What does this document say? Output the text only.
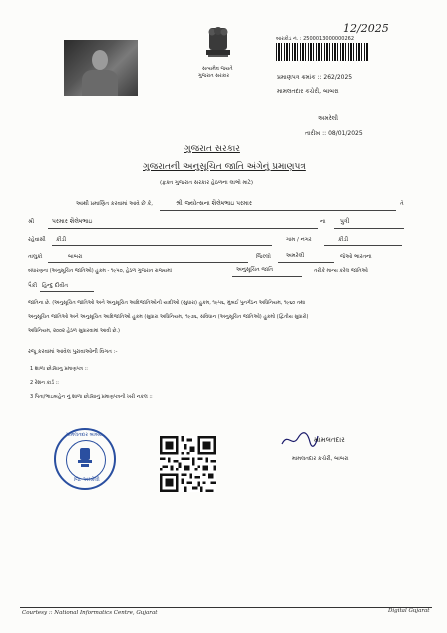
12/2025
સત્યમેવ જયતે
ગુજરાત સરકાર
બારકોડ નં. : 2500013000000262
પ્રમાણપત્ર ક્રમાંક :: 262/2025
મામલતદાર કચેરી, બાબરા
અમરેલી
તારીખ :: 08/01/2025
ગુજરાત સરકાર
ગુજરાતની અનુસૂચિત જાતિ અંગેનું પ્રમાણપત્ર
(ફક્ત ગુજરાત સરકાર હેઠળના લાભો માટે)
આથી પ્રમાણિત કરવામાં આવે છે કે,	શ્રી જ્યોત્સના શૈલેષભાઇ પરમાર	તે
શ્રી	પરમાર શૈલેષભાઇ	ના પુત્રી
રહેવાસી કીડી	ગામ / નગર	કીડી
તાલુકો	બાબરા	જિલ્લો	અમરેલી	જેઓ ભારતના
બંધારણના (અનુસૂચિત જાતિઓ) હુકમ - ૧૯૫૦, હેઠળ ગુજરાત રાજ્યમાં	અનુસૂચિત જાતિ	તરીકે માન્ય કરેલ જાતિઓ
પૈકી હિન્દુ દીવીત
જાતિના છે. (અનુસૂચિત જાતિઓ અને અનુસૂચિત આદિજાતિઓની યાદીઓ (સુધારા) હુકમ, ૧૯૫૬, મુંબઈ પુનર્ગઠન અધિનિયમ, ૧૯૬૦ તથા
અનુસૂચિત જાતિઓ અને અનુસૂચિત આદિજાતિઓ હુકમ (સુધારા અધિનિયમ, ૧૯૭૬, સંવિધાન (અનુસૂચિત જાતિઓ) હુકમો (દ્વિતીય સુધારો)
અધિનિયમ, ૨૦૦૨ હેઠળ સુધારવામાં આવી છે.)
રજૂ કરવામાં આવેલ પુરાવાઓની વિગત :-
1 શાળા છોડ્યાનુ પ્રમાણપત્ર ::
2 રેશન કાર્ડ ::
3 પિતા/ભાઇબહેન નું શાળા છોડ્યાનું પ્રમાણપત્રની ખરી નકલ ::
મામલતદાર બાબરા
જિ. અમરેલી
મામલતદાર
મામલતદાર કચેરી, બાબરા
Courtesy :: National Informatics Centre, Gujarat	Digital Gujarat
